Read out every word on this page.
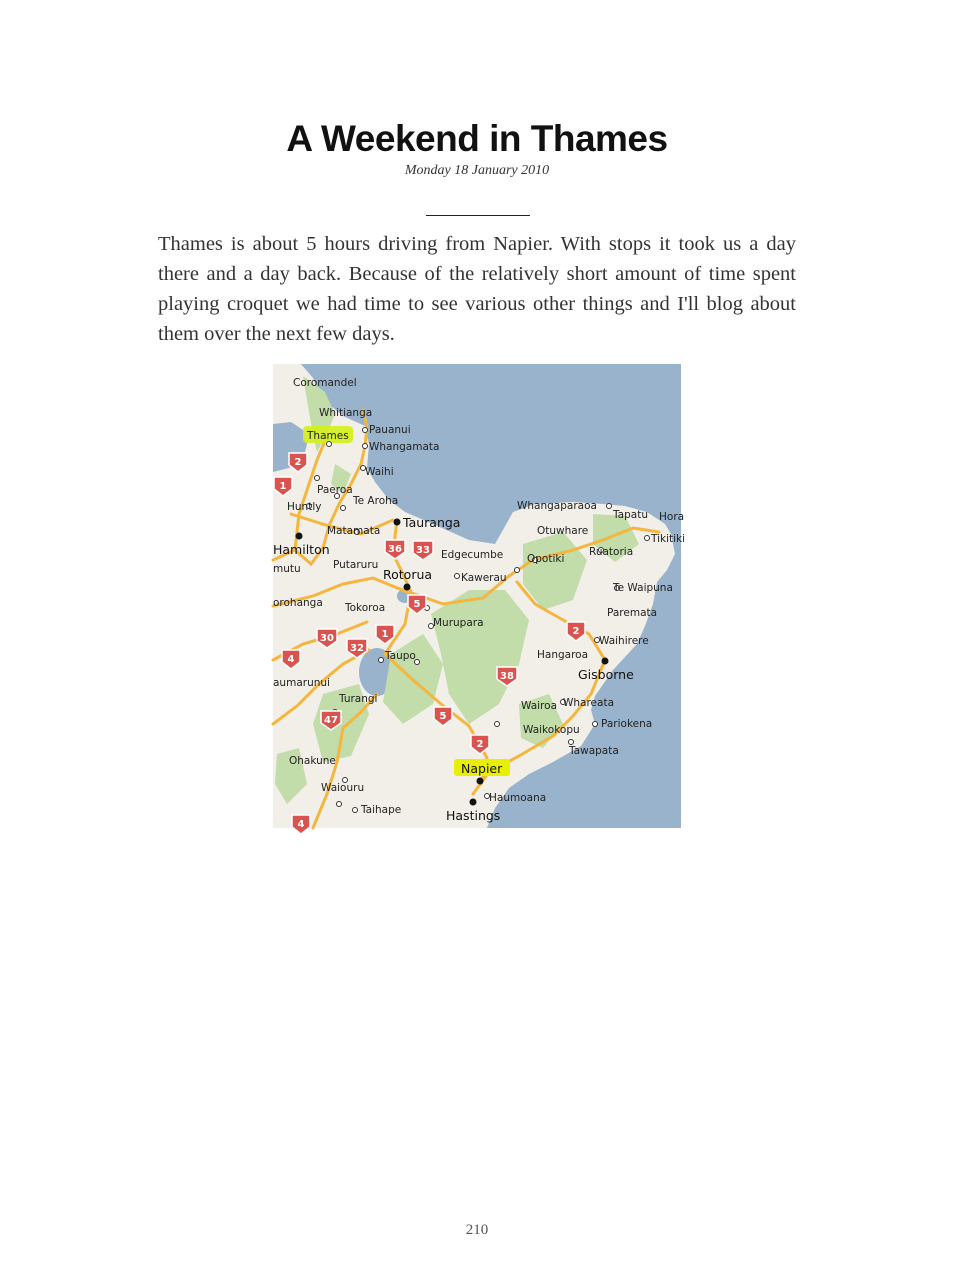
A Weekend in Thames
Monday 18 January 2010

Thames is about 5 hours driving from Napier. With stops it took us a day there and a day back. Because of the relatively short amount of time spent playing croquet we had time to see various other things and I'll blog about them over the next few days.

2
1
36 33
5
1
30
32
4
2
38
47	5
2
4
Coromandel
Whitianga
Pauanui
Thames
Whangamata
Waihi
Paeroa
Te Aroha
Huntly
Matamata
Tauranga
Hamilton	Edgecumbe
Whangaparaoa
Tapatu Hora
Otuwhare
Tikitiki
Opotiki
Ruatoria
Putaruru
mutu	Rotorua	Kawerau
Te Waipuna
orohanga Tokoroa
Murupara
Paremata
Waihirere
Taupo	Hangaroa
Gisborne
aumarunui
Turangi
Wairoa Whareata
Waikokopu Pariokena
Tawapata
Ohakune	Napier
Waiouru
Haumoana
Taihape	Hastings
210
